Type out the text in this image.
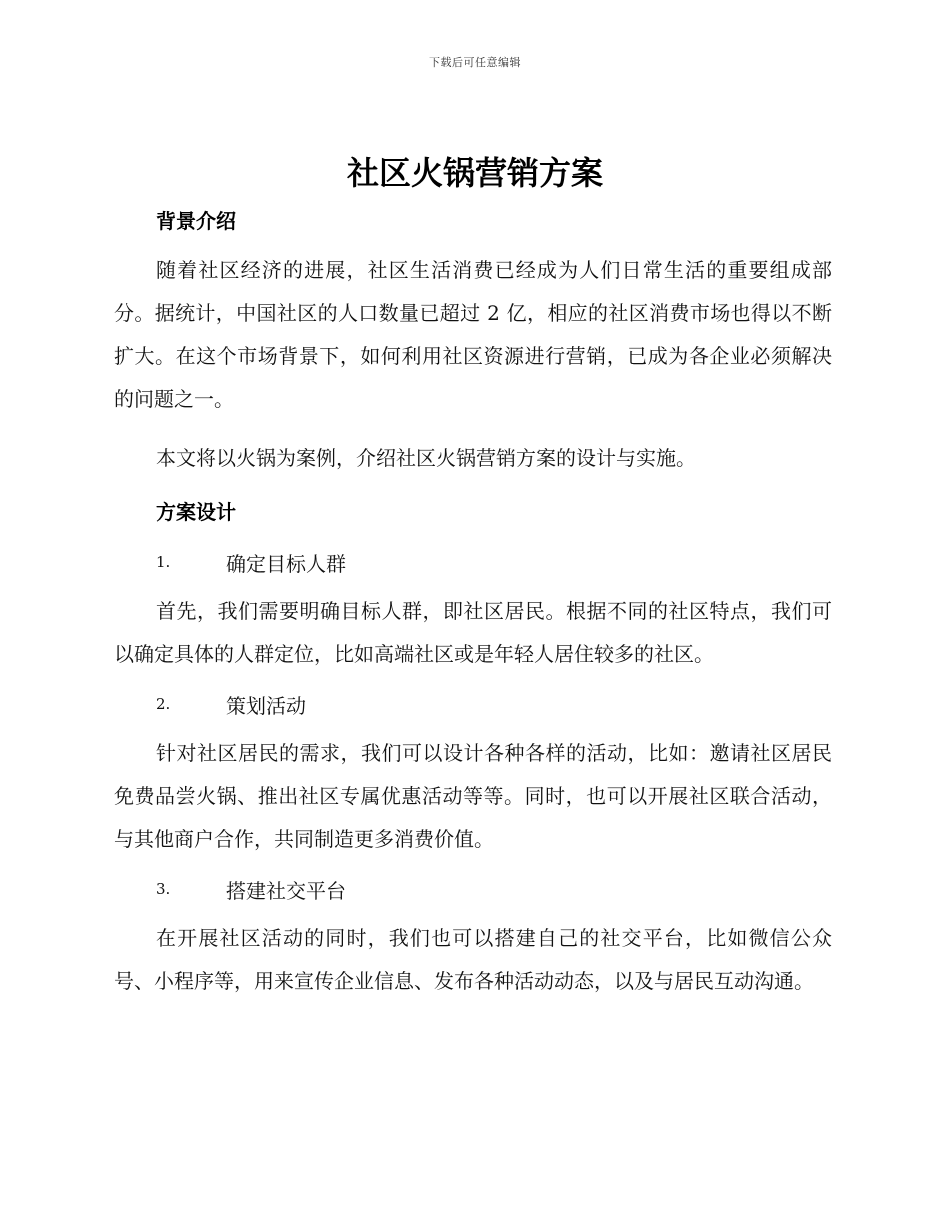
下载后可任意编辑
社区火锅营销方案
背景介绍

随着社区经济的进展，社区生活消费已经成为人们日常生活的重要组成部分。据统计，中国社区的人口数量已超过 2 亿，相应的社区消费市场也得以不断扩大。在这个市场背景下，如何利用社区资源进行营销，已成为各企业必须解决的问题之一。

本文将以火锅为案例，介绍社区火锅营销方案的设计与实施。

方案设计
1.	确定目标人群

首先，我们需要明确目标人群，即社区居民。根据不同的社区特点，我们可以确定具体的人群定位，比如高端社区或是年轻人居住较多的社区。

2.	策划活动

针对社区居民的需求，我们可以设计各种各样的活动，比如：邀请社区居民免费品尝火锅、推出社区专属优惠活动等等。同时，也可以开展社区联合活动，与其他商户合作，共同制造更多消费价值。

3.	搭建社交平台

在开展社区活动的同时，我们也可以搭建自己的社交平台，比如微信公众号、小程序等，用来宣传企业信息、发布各种活动动态，以及与居民互动沟通。
